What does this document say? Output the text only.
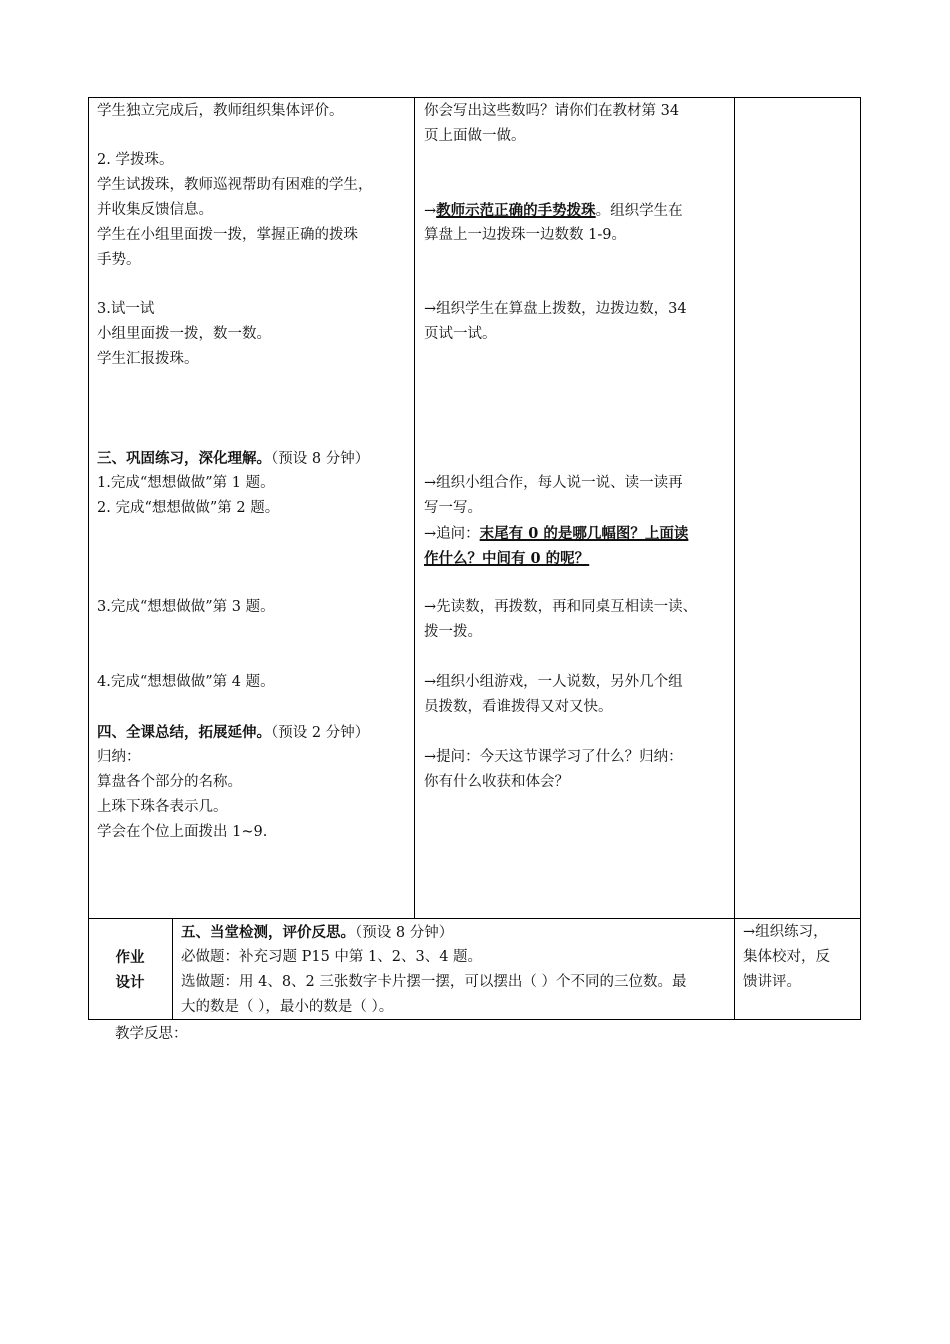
学生独立完成后，教师组织集体评价。
2. 学拨珠。
学生试拨珠，教师巡视帮助有困难的学生，
并收集反馈信息。
学生在小组里面拨一拨，掌握正确的拨珠
手势。
3.试一试
小组里面拨一拨，数一数。
学生汇报拨珠。
三、巩固练习，深化理解。（预设 8 分钟）
1.完成“想想做做”第 1 题。
2. 完成“想想做做”第 2 题。
3.完成“想想做做”第 3 题。
4.完成“想想做做”第 4 题。
四、全课总结，拓展延伸。（预设 2 分钟）
归纳：
算盘各个部分的名称。
上珠下珠各表示几。
学会在个位上面拨出 1~9.
你会写出这些数吗？请你们在教材第 34
页上面做一做。
→教师示范正确的手势拨珠。组织学生在
算盘上一边拨珠一边数数 1-9。
→组织学生在算盘上拨数，边拨边数，34
页试一试。
→组织小组合作，每人说一说、读一读再
写一写。
→追问：末尾有 0 的是哪几幅图？上面读
作什么？中间有 0 的呢？
→先读数，再拨数，再和同桌互相读一读、
拨一拨。
→组织小组游戏，一人说数，另外几个组
员拨数，看谁拨得又对又快。
→提问：今天这节课学习了什么？归纳：
你有什么收获和体会？
作业
设计
五、当堂检测，评价反思。（预设 8 分钟）
必做题：补充习题 P15 中第 1、2、3、4 题。
选做题：用 4、8、2 三张数字卡片摆一摆，可以摆出（ ）个不同的三位数。最
大的数是（ ），最小的数是（ ）。
→组织练习，
集体校对，反
馈讲评。
教学反思：
